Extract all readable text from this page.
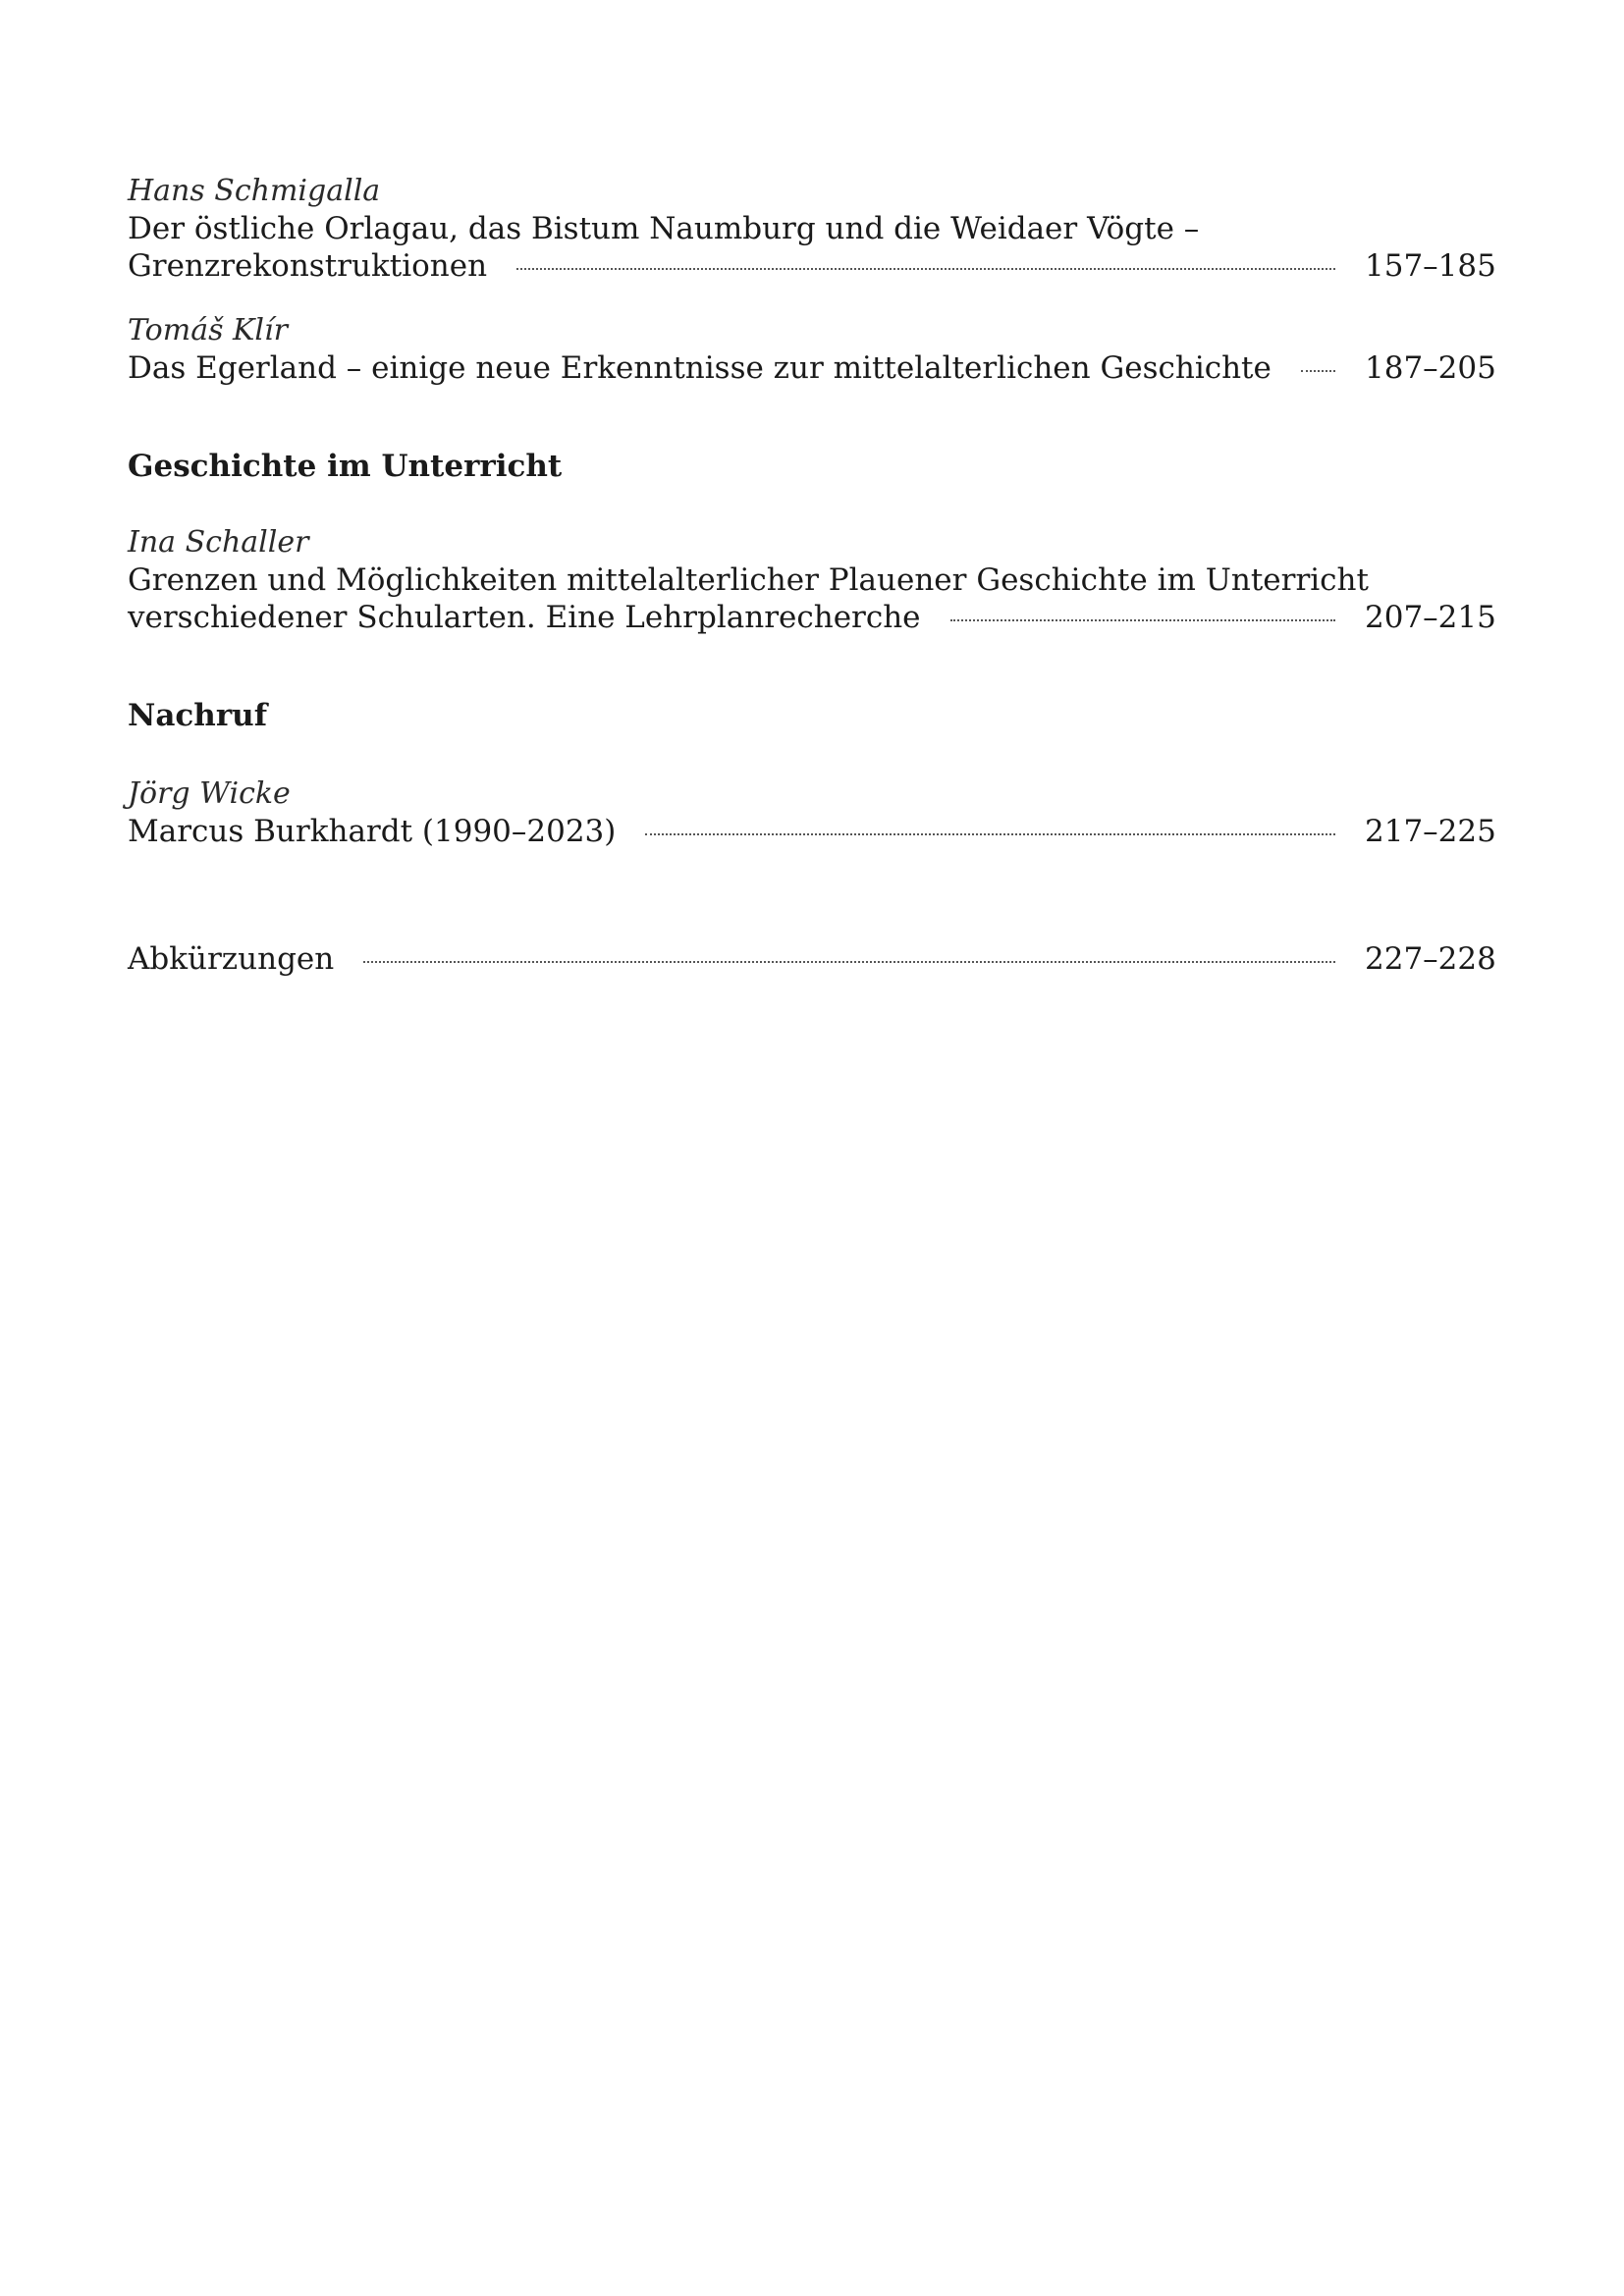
Hans Schmigalla

Der östliche Orlagau, das Bistum Naumburg und die Weidaer Vögte –

Grenzrekonstruktionen	157–185

Tomáš Klír

Das Egerland – einige neue Erkenntnisse zur mittelalterlichen Geschichte	187–205

Geschichte im Unterricht

Ina Schaller

Grenzen und Möglichkeiten mittelalterlicher Plauener Geschichte im Unterricht

verschiedener Schularten. Eine Lehrplanrecherche	207–215

Nachruf

Jörg Wicke

Marcus Burkhardt (1990–2023)	217–225
Abkürzungen	227–228
